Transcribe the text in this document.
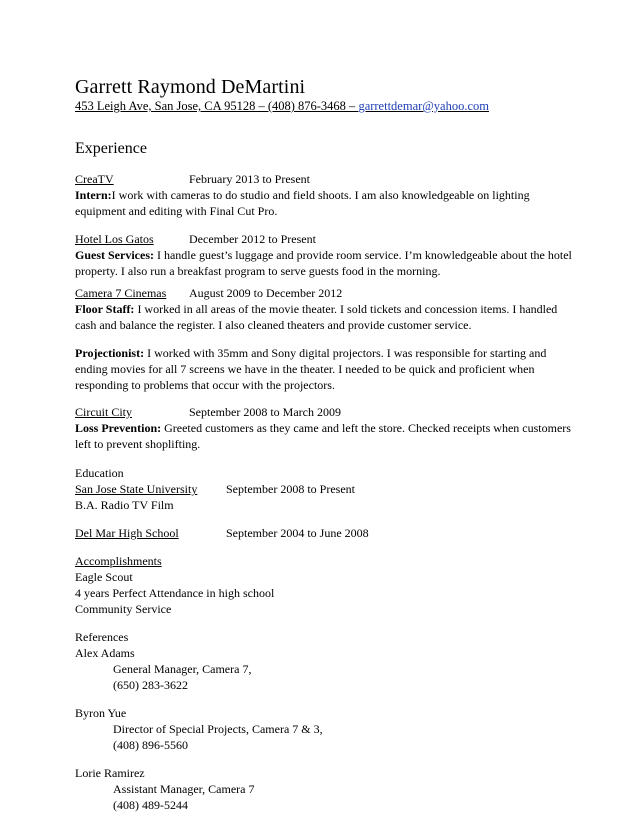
Garrett Raymond DeMartini
453 Leigh Ave, San Jose, CA 95128 – (408) 876-3468 – garrettdemar@yahoo.com
Experience
CreaTV	February 2013 to Present
Intern:I work with cameras to do studio and field shoots. I am also knowledgeable on lighting equipment and editing with Final Cut Pro.
Hotel Los Gatos	December 2012 to Present
Guest Services: I handle guest’s luggage and provide room service. I’m knowledgeable about the hotel property. I also run a breakfast program to serve guests food in the morning.
Camera 7 Cinemas	August 2009 to December 2012
Floor Staff: I worked in all areas of the movie theater. I sold tickets and concession items. I handled cash and balance the register. I also cleaned theaters and provide customer service.
Projectionist: I worked with 35mm and Sony digital projectors. I was responsible for starting and ending movies for all 7 screens we have in the theater. I needed to be quick and proficient when responding to problems that occur with the projectors.
Circuit City	September 2008 to March 2009
Loss Prevention: Greeted customers as they came and left the store. Checked receipts when customers left to prevent shoplifting.
Education
San Jose State University	September 2008 to Present
B.A. Radio TV Film
Del Mar High School	September 2004 to June 2008
Accomplishments
Eagle Scout
4 years Perfect Attendance in high school
Community Service
References
Alex Adams
General Manager, Camera 7,
(650) 283-3622
Byron Yue
Director of Special Projects, Camera 7 & 3,
(408) 896-5560
Lorie Ramirez
Assistant Manager, Camera 7
(408) 489-5244
